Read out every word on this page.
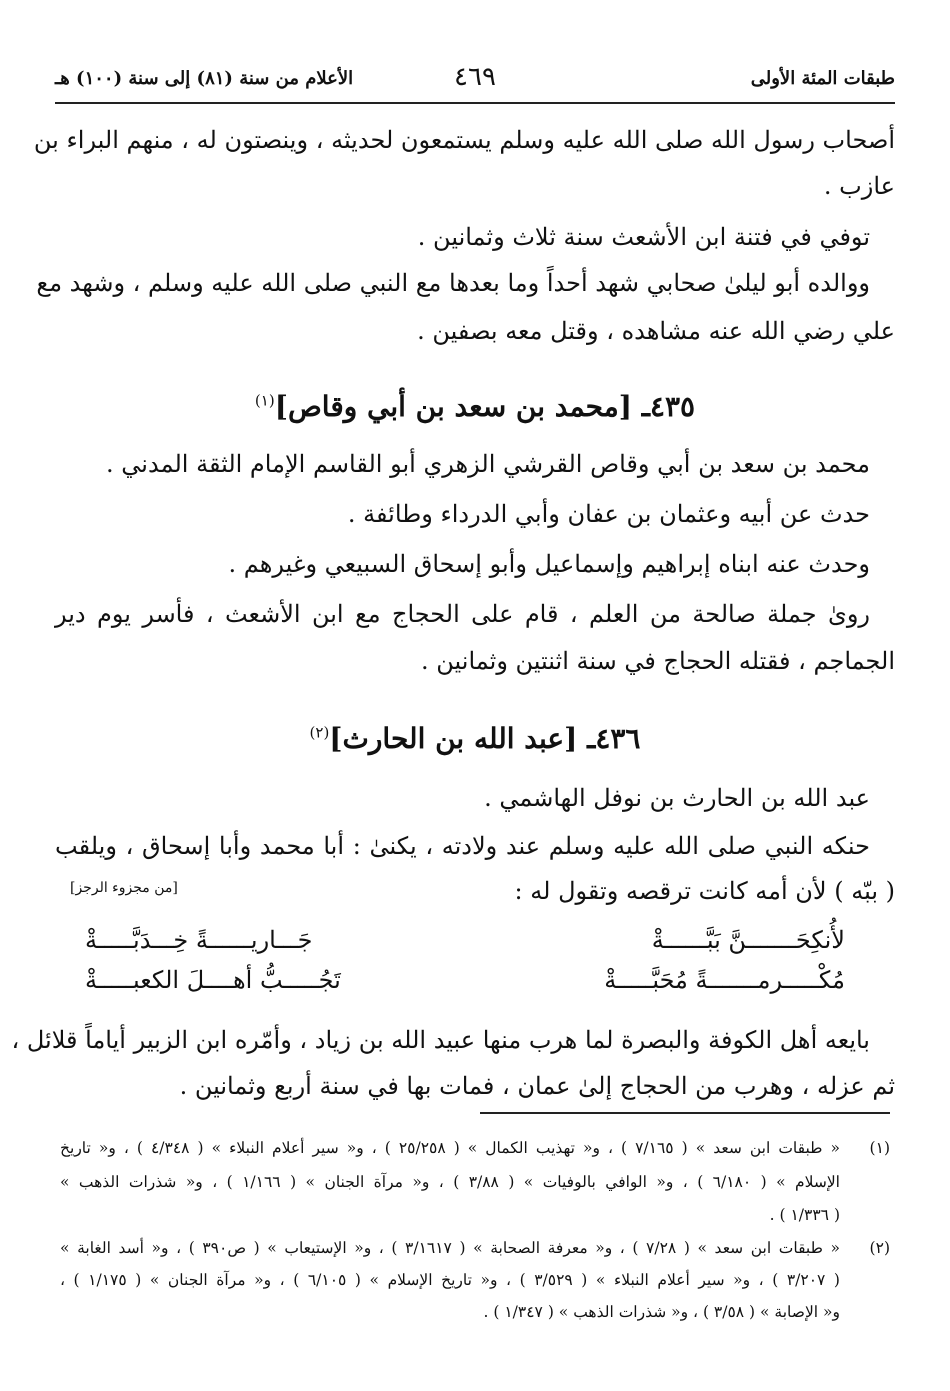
طبقات المئة الأولى
٤٦٩
الأعلام من سنة (٨١) إلى سنة (١٠٠) هـ
أصحاب رسول الله صلى الله عليه وسلم يستمعون لحديثه ، وينصتون له ، منهم البراء بن
عازب .
توفي في فتنة ابن الأشعث سنة ثلاث وثمانين .
ووالده أبو ليلىٰ صحابي شهد أحداً وما بعدها مع النبي صلى الله عليه وسلم ، وشهد مع
علي رضي الله عنه مشاهده ، وقتل معه بصفين .
٤٣٥ـ [محمد بن سعد بن أبي وقاص]$^{(١)}$
محمد بن سعد بن أبي وقاص القرشي الزهري أبو القاسم الإمام الثقة المدني .
حدث عن أبيه وعثمان بن عفان وأبي الدرداء وطائفة .
وحدث عنه ابناه إبراهيم وإسماعيل وأبو إسحاق السبيعي وغيرهم .
روىٰ جملة صالحة من العلم ، قام على الحجاج مع ابن الأشعث ، فأسر يوم دير
الجماجم ، فقتله الحجاج في سنة اثنتين وثمانين .
٤٣٦ـ [عبد الله بن الحارث]$^{(٢)}$
عبد الله بن الحارث بن نوفل الهاشمي .
حنكه النبي صلى الله عليه وسلم عند ولادته ، يكنىٰ : أبا محمد وأبا إسحاق ، ويلقب
( ببّه ) لأن أمه كانت ترقصه وتقول له :
[من مجزوء الرجز]
لأُنكِحَـــــــنَّ بَبَّــــــةْ
جَـــاريــــــةً خِـــدَبَّـــــةْ
مُكْـــــرمـــــــةً مُحَبَّـــــةْ
تَجُـــــبُّ أهــــلَ الكعبـــــةْ
بايعه أهل الكوفة والبصرة لما هرب منها عبيد الله بن زياد ، وأمّره ابن الزبير أياماً قلائل ،
ثم عزله ، وهرب من الحجاج إلىٰ عمان ، فمات بها في سنة أربع وثمانين .
(١)
« طبقات ابن سعد » ( ٧/١٦٥ ) ، و« تهذيب الكمال » ( ٢٥/٢٥٨ ) ، و« سير أعلام النبلاء » ( ٤/٣٤٨ ) ، و« تاريخ
الإسلام » ( ٦/١٨٠ ) ، و« الوافي بالوفيات » ( ٣/٨٨ ) ، و« مرآة الجنان » ( ١/١٦٦ ) ، و« شذرات الذهب »
( ١/٣٣٦ ) .
(٢)
« طبقات ابن سعد » ( ٧/٢٨ ) ، و« معرفة الصحابة » ( ٣/١٦١٧ ) ، و« الإستيعاب » ( ص٣٩٠ ) ، و« أسد الغابة »
( ٣/٢٠٧ ) ، و« سير أعلام النبلاء » ( ٣/٥٢٩ ) ، و« تاريخ الإسلام » ( ٦/١٠٥ ) ، و« مرآة الجنان » ( ١/١٧٥ ) ،
و« الإصابة » ( ٣/٥٨ ) ، و« شذرات الذهب » ( ١/٣٤٧ ) .
